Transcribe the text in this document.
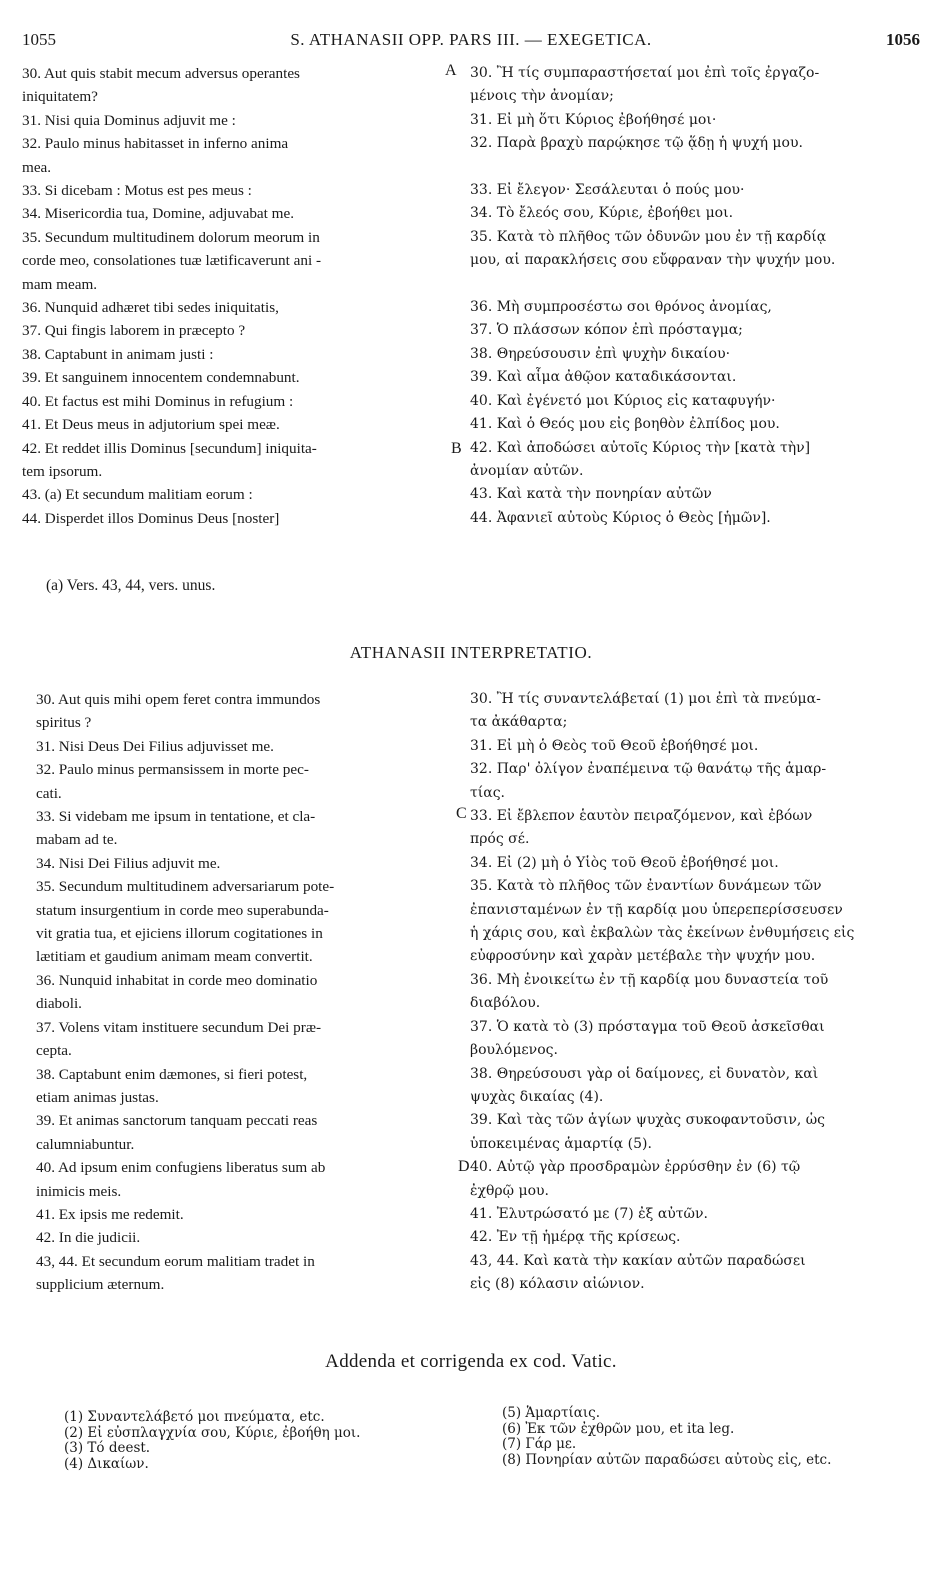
1055	S. ATHANASII OPP. PARS III. — EXEGETICA.	1056
30. Aut quis stabit mecum adversus operantes
iniquitatem?
31. Nisi quia Dominus adjuvit me :
32. Paulo minus habitasset in inferno anima
mea.
33. Si dicebam : Motus est pes meus :
34. Misericordia tua, Domine, adjuvabat me.
35. Secundum multitudinem dolorum meorum in
corde meo, consolationes tuæ lætificaverunt ani -
mam meam.
36. Nunquid adhæret tibi sedes iniquitatis,
37. Qui fingis laborem in præcepto ?
38. Captabunt in animam justi :
39. Et sanguinem innocentem condemnabunt.
40. Et factus est mihi Dominus in refugium :
41. Et Deus meus in adjutorium spei meæ.
42. Et reddet illis Dominus [secundum] iniquita-
tem ipsorum.
43. (a) Et secundum malitiam eorum :
44. Disperdet illos Dominus Deus [noster]
30. Ἢ τίς συμπαραστήσεταί μοι ἐπὶ τοῖς ἐργαζο-
μένοις τὴν ἀνομίαν;
31. Εἰ μὴ ὅτι Κύριος ἐβοήθησέ μοι·
32. Παρὰ βραχὺ παρῴκησε τῷ ᾅδῃ ἡ ψυχή μου.

33. Εἰ ἔλεγον· Σεσάλευται ὁ πούς μου·
34. Τὸ ἔλεός σου, Κύριε, ἐβοήθει μοι.
35. Κατὰ τὸ πλῆθος τῶν ὀδυνῶν μου ἐν τῇ καρδίᾳ
μου, αἱ παρακλήσεις σου εὔφραναν τὴν ψυχήν μου.

36. Μὴ συμπροσέστω σοι θρόνος ἀνομίας,
37. Ὁ πλάσσων κόπον ἐπὶ πρόσταγμα;
38. Θηρεύσουσιν ἐπὶ ψυχὴν δικαίου·
39. Καὶ αἷμα ἀθῷον καταδικάσονται.
40. Καὶ ἐγένετό μοι Κύριος εἰς καταφυγήν·
41. Καὶ ὁ Θεός μου εἰς βοηθὸν ἐλπίδος μου.
42. Καὶ ἀποδώσει αὐτοῖς Κύριος τὴν [κατὰ τὴν]
ἀνομίαν αὐτῶν.
43. Καὶ κατὰ τὴν πονηρίαν αὐτῶν
44. Ἀφανιεῖ αὐτοὺς Κύριος ὁ Θεὸς [ἡμῶν].
A
B
C
D
(a) Vers. 43, 44, vers. unus.
ATHANASII INTERPRETATIO.
30. Aut quis mihi opem feret contra immundos
spiritus ?
31. Nisi Deus Dei Filius adjuvisset me.
32. Paulo minus permansissem in morte pec-
cati.
33. Si videbam me ipsum in tentatione, et cla-
mabam ad te.
34. Nisi Dei Filius adjuvit me.
35. Secundum multitudinem adversariarum pote-
statum insurgentium in corde meo superabunda-
vit gratia tua, et ejiciens illorum cogitationes in
lætitiam et gaudium animam meam convertit.
36. Nunquid inhabitat in corde meo dominatio
diaboli.
37. Volens vitam instituere secundum Dei præ-
cepta.
38. Captabunt enim dæmones, si fieri potest,
etiam animas justas.
39. Et animas sanctorum tanquam peccati reas
calumniabuntur.
40. Ad ipsum enim confugiens liberatus sum ab
inimicis meis.
41. Ex ipsis me redemit.
42. In die judicii.
43, 44. Et secundum eorum malitiam tradet in
supplicium æternum.
30. Ἢ τίς συναντελάβεταί (1) μοι ἐπὶ τὰ πνεύμα-
τα ἀκάθαρτα;
31. Εἰ μὴ ὁ Θεὸς τοῦ Θεοῦ ἐβοήθησέ μοι.
32. Παρ' ὀλίγον ἐναπέμεινα τῷ θανάτῳ τῆς ἁμαρ-
τίας.
33. Εἰ ἔβλεπον ἑαυτὸν πειραζόμενον, καὶ ἐβόων
πρός σέ.
34. Εἰ (2) μὴ ὁ Υἱὸς τοῦ Θεοῦ ἐβοήθησέ μοι.
35. Κατὰ τὸ πλῆθος τῶν ἐναντίων δυνάμεων τῶν
ἐπανισταμένων ἐν τῇ καρδίᾳ μου ὑπερεπερίσσευσεν
ἡ χάρις σου, καὶ ἐκβαλὼν τὰς ἐκείνων ἐνθυμήσεις εἰς
εὐφροσύνην καὶ χαρὰν μετέβαλε τὴν ψυχήν μου.
36. Μὴ ἐνοικείτω ἐν τῇ καρδίᾳ μου δυναστεία τοῦ
διαβόλου.
37. Ὁ κατὰ τὸ (3) πρόσταγμα τοῦ Θεοῦ ἀσκεῖσθαι
βουλόμενος.
38. Θηρεύσουσι γὰρ οἱ δαίμονες, εἰ δυνατὸν, καὶ
ψυχὰς δικαίας (4).
39. Καὶ τὰς τῶν ἁγίων ψυχὰς συκοφαντοῦσιν, ὡς
ὑποκειμένας ἁμαρτίᾳ (5).
40. Αὐτῷ γὰρ προσδραμὼν ἐρρύσθην ἐν (6) τῷ
ἐχθρῷ μου.
41. Ἐλυτρώσατό με (7) ἐξ αὐτῶν.
42. Ἐν τῇ ἡμέρᾳ τῆς κρίσεως.
43, 44. Καὶ κατὰ τὴν κακίαν αὐτῶν παραδώσει
εἰς (8) κόλασιν αἰώνιον.
Addenda et corrigenda ex cod. Vatic.
(1) Συναντελάβετό μοι πνεύματα, etc.
(2) Εἰ εὐσπλαγχνία σου, Κύριε, ἐβοήθη μοι.
(3) Τό deest.
(4) Δικαίων.
(5) Ἁμαρτίαις.
(6) Ἐκ τῶν ἐχθρῶν μου, et ita leg.
(7) Γάρ με.
(8) Πονηρίαν αὐτῶν παραδώσει αὐτοὺς εἰς, etc.
